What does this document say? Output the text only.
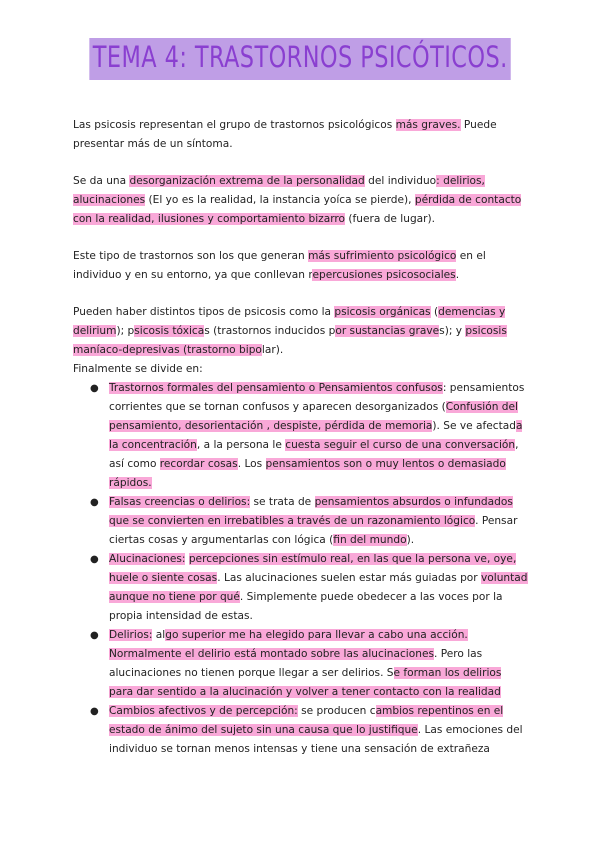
TEMA 4: TRASTORNOS PSICÓTICOS.

Las psicosis representan el grupo de trastornos psicológicos más graves. Puede presentar más de un síntoma.

Se da una desorganización extrema de la personalidad del individuo: delirios, alucinaciones (El yo es la realidad, la instancia yoíca se pierde), pérdida de contacto con la realidad, ilusiones y comportamiento bizarro (fuera de lugar).

Este tipo de trastornos son los que generan más sufrimiento psicológico en el individuo y en su entorno, ya que conllevan repercusiones psicosociales.

Pueden haber distintos tipos de psicosis como la psicosis orgánicas (demencias y delirium); psicosis tóxicas (trastornos inducidos por sustancias graves); y psicosis maníaco-depresivas (trastorno bipolar).

Finalmente se divide en:

● Trastornos formales del pensamiento o Pensamientos confusos: pensamientos corrientes que se tornan confusos y aparecen desorganizados (Confusión del pensamiento, desorientación , despiste, pérdida de memoria). Se ve afectada la concentración, a la persona le cuesta seguir el curso de una conversación, así como recordar cosas. Los pensamientos son o muy lentos o demasiado rápidos.
● Falsas creencias o delirios: se trata de pensamientos absurdos o infundados que se convierten en irrebatibles a través de un razonamiento lógico. Pensar ciertas cosas y argumentarlas con lógica (fin del mundo).
● Alucinaciones: percepciones sin estímulo real, en las que la persona ve, oye, huele o siente cosas. Las alucinaciones suelen estar más guiadas por voluntad aunque no tiene por qué. Simplemente puede obedecer a las voces por la propia intensidad de estas.
● Delirios: algo superior me ha elegido para llevar a cabo una acción. Normalmente el delirio está montado sobre las alucinaciones. Pero las alucinaciones no tienen porque llegar a ser delirios. Se forman los delirios para dar sentido a la alucinación y volver a tener contacto con la realidad
● Cambios afectivos y de percepción: se producen cambios repentinos en el estado de ánimo del sujeto sin una causa que lo justifique. Las emociones del individuo se tornan menos intensas y tiene una sensación de extrañeza
